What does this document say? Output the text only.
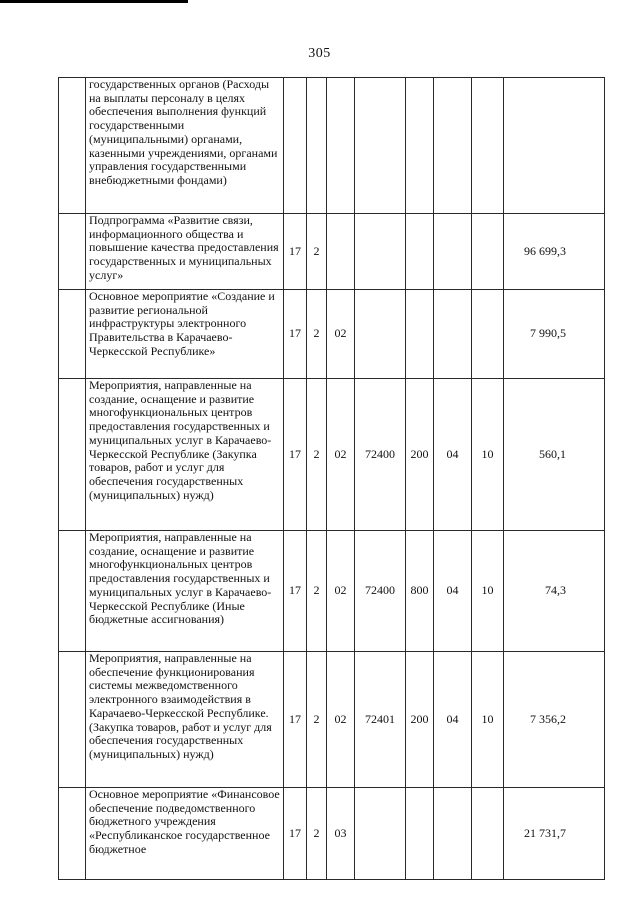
305
	государственных органов (Расходы на выплаты персоналу в целях обеспечения выполнения функций государственными (муниципальными) органами, казенными учреждениями, органами управления государственными внебюджетными фондами)								
	Подпрограмма «Развитие связи, информационного общества и повышение качества предоставления государственных и муниципальных услуг»	17	2						96 699,3
	Основное мероприятие «Создание и развитие региональной инфраструктуры электронного Правительства в Карачаево-Черкесской Республике»	17	2	02					7 990,5
	Мероприятия, направленные на создание, оснащение и развитие многофункциональных центров предоставления государственных и муниципальных услуг в Карачаево-Черкесской Республике (Закупка товаров, работ и услуг для обеспечения государственных (муниципальных) нужд)	17	2	02	72400	200	04	10	560,1
	Мероприятия, направленные на создание, оснащение и развитие многофункциональных центров предоставления государственных и муниципальных услуг в Карачаево-Черкесской Республике (Иные бюджетные ассигнования)	17	2	02	72400	800	04	10	74,3
	Мероприятия, направленные на обеспечение функционирования системы межведомственного электронного взаимодействия в Карачаево-Черкесской Республике. (Закупка товаров, работ и услуг для обеспечения государственных (муниципальных) нужд)	17	2	02	72401	200	04	10	7 356,2
	Основное мероприятие «Финансовое обеспечение подведомственного бюджетного учреждения «Республиканское государственное бюджетное	17	2	03					21 731,7
